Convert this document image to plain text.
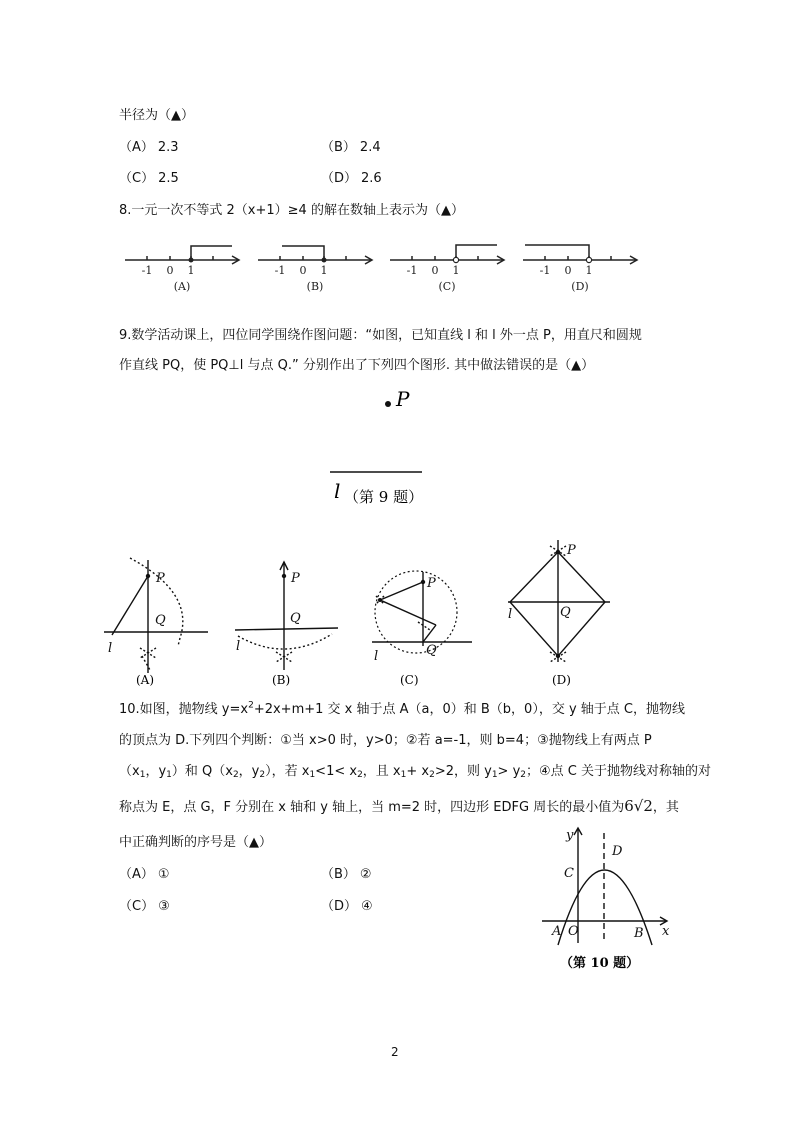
半径为（▲）
（A） 2.3	（B） 2.4
（C） 2.5	（D） 2.6
8.一元一次不等式 2（x+1）≥4 的解在数轴上表示为（▲）
-1 0 1
(A)
-1 0 1
(B)
-1 0 1
(C)
-1 0 1
(D)
9.数学活动课上，四位同学围绕作图问题：“如图，已知直线 l 和 l 外一点 P，用直尺和圆规
作直线 PQ，使 PQ⊥l 与点 Q.” 分别作出了下列四个图形. 其中做法错误的是（▲）
P
l （第 9 题）
P
Q
l
(A)
P
Q
l
(B)
P
Q
l
(C)
P
Q
l
(D)
10.如图，抛物线 $y=x^2+2x+m+1$ 交 x 轴于点 A（a，0）和 B（b，0），交 y 轴于点 C，抛物线
的顶点为 D.下列四个判断：①当 x>0 时，y>0；②若 a=-1，则 b=4；③抛物线上有两点 P
（$x_1$，$y_1$）和 $Q(x_2$，$y_2$），若 $x_1<1< x_2$，且 $x_1+ x_2>2$，则 $y_1> y_2$；④点 C 关于抛物线对称轴的对
称点为 E，点 G，F 分别在 x 轴和 y 轴上，当 m=2 时，四边形 EDFG 周长的最小值为6√2，其
中正确判断的序号是（▲）
（A） ①	（B） ②
（C） ③	（D） ④
y
x
O
A	B
C
D
（第 10 题）
2
